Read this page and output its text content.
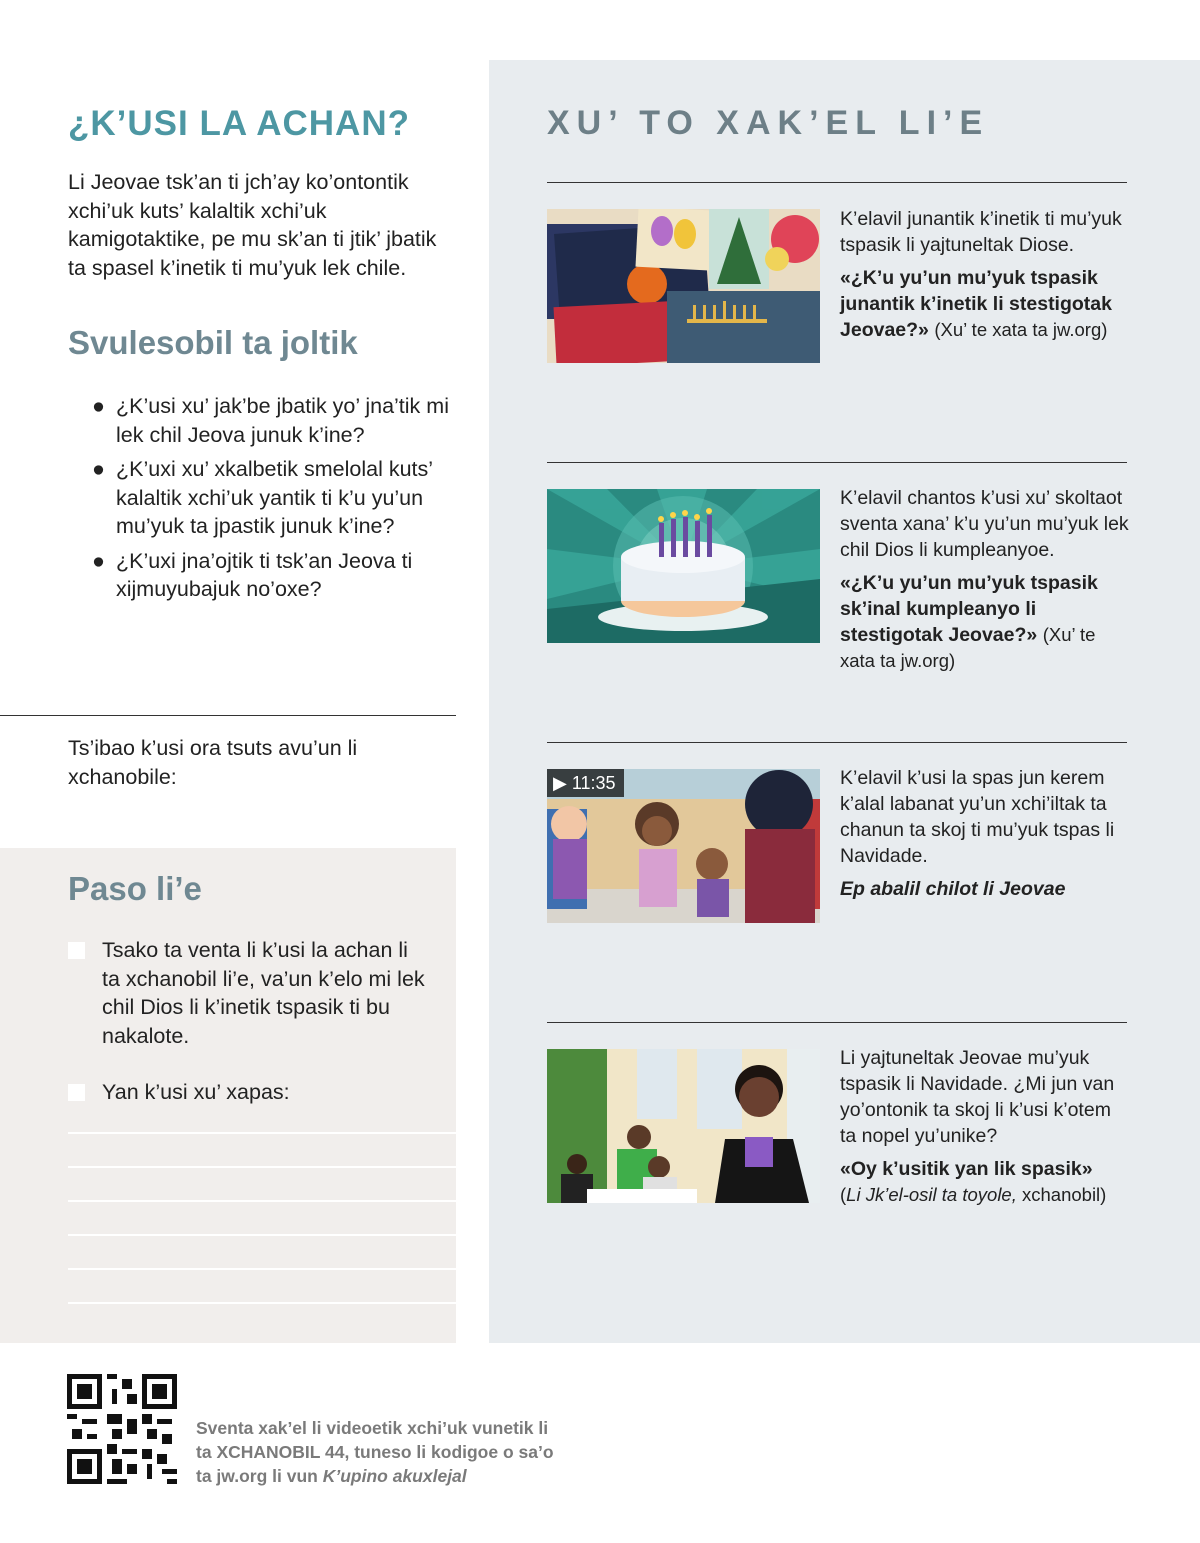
¿K’USI LA ACHAN?

Li Jeovae tsk’an ti jch’ay ko’ontontik xchi’uk kuts’ kalaltik xchi’uk kamigotaktike, pe mu sk’an ti jtik’ jbatik ta spasel k’inetik ti mu’yuk lek chile.

Svulesobil ta joltik
● ¿K’usi xu’ jak’be jbatik yo’ jna’tik mi lek chil Jeova junuk k’ine?
● ¿K’uxi xu’ xkalbetik smelolal kuts’ kalaltik xchi’uk yantik ti k’u yu’un mu’yuk ta jpastik junuk k’ine?
● ¿K’uxi jna’ojtik ti tsk’an Jeova ti xijmuyubajuk no’oxe?

Ts’ibao k’usi ora tsuts avu’un li xchanobile:

Paso li’e
Tsako ta venta li k’usi la achan li ta xchanobil li’e, va’un k’elo mi lek chil Dios li k’inetik tspasik ti bu nakalote.
Yan k’usi xu’ xapas:
XU’ TO XAK’EL LI’E

K’elavil junantik k’inetik ti mu’yuk tspasik li yajtuneltak Diose.

«¿K’u yu’un mu’yuk tspasik junantik k’inetik li stestigotak Jeovae?» (Xu’ te xata ta jw.org)

K’elavil chantos k’usi xu’ skoltaot sventa xana’ k’u yu’un mu’yuk lek chil Dios li kumpleanyoe.

«¿K’u yu’un mu’yuk tspasik sk’inal kumpleanyo li stestigotak Jeovae?» (Xu’ te xata ta jw.org)

▶ 11:35	K’elavil k’usi la spas jun kerem k’alal labanat yu’un xchi’iltak ta chanun ta skoj ti mu’yuk tspas li Navidade.

Ep abalil chilot li Jeovae

Li yajtuneltak Jeovae mu’yuk tspasik li Navidade. ¿Mi jun van yo’ontonik ta skoj li k’usi k’otem ta nopel yu’unike?

«Oy k’usitik yan lik spasik»
(Li Jk’el-osil ta toyole, xchanobil)

Sventa xak’el li videoetik xchi’uk vunetik li ta XCHANOBIL 44, tuneso li kodigoe o sa’o ta jw.org li vun K’upino akuxlejal
